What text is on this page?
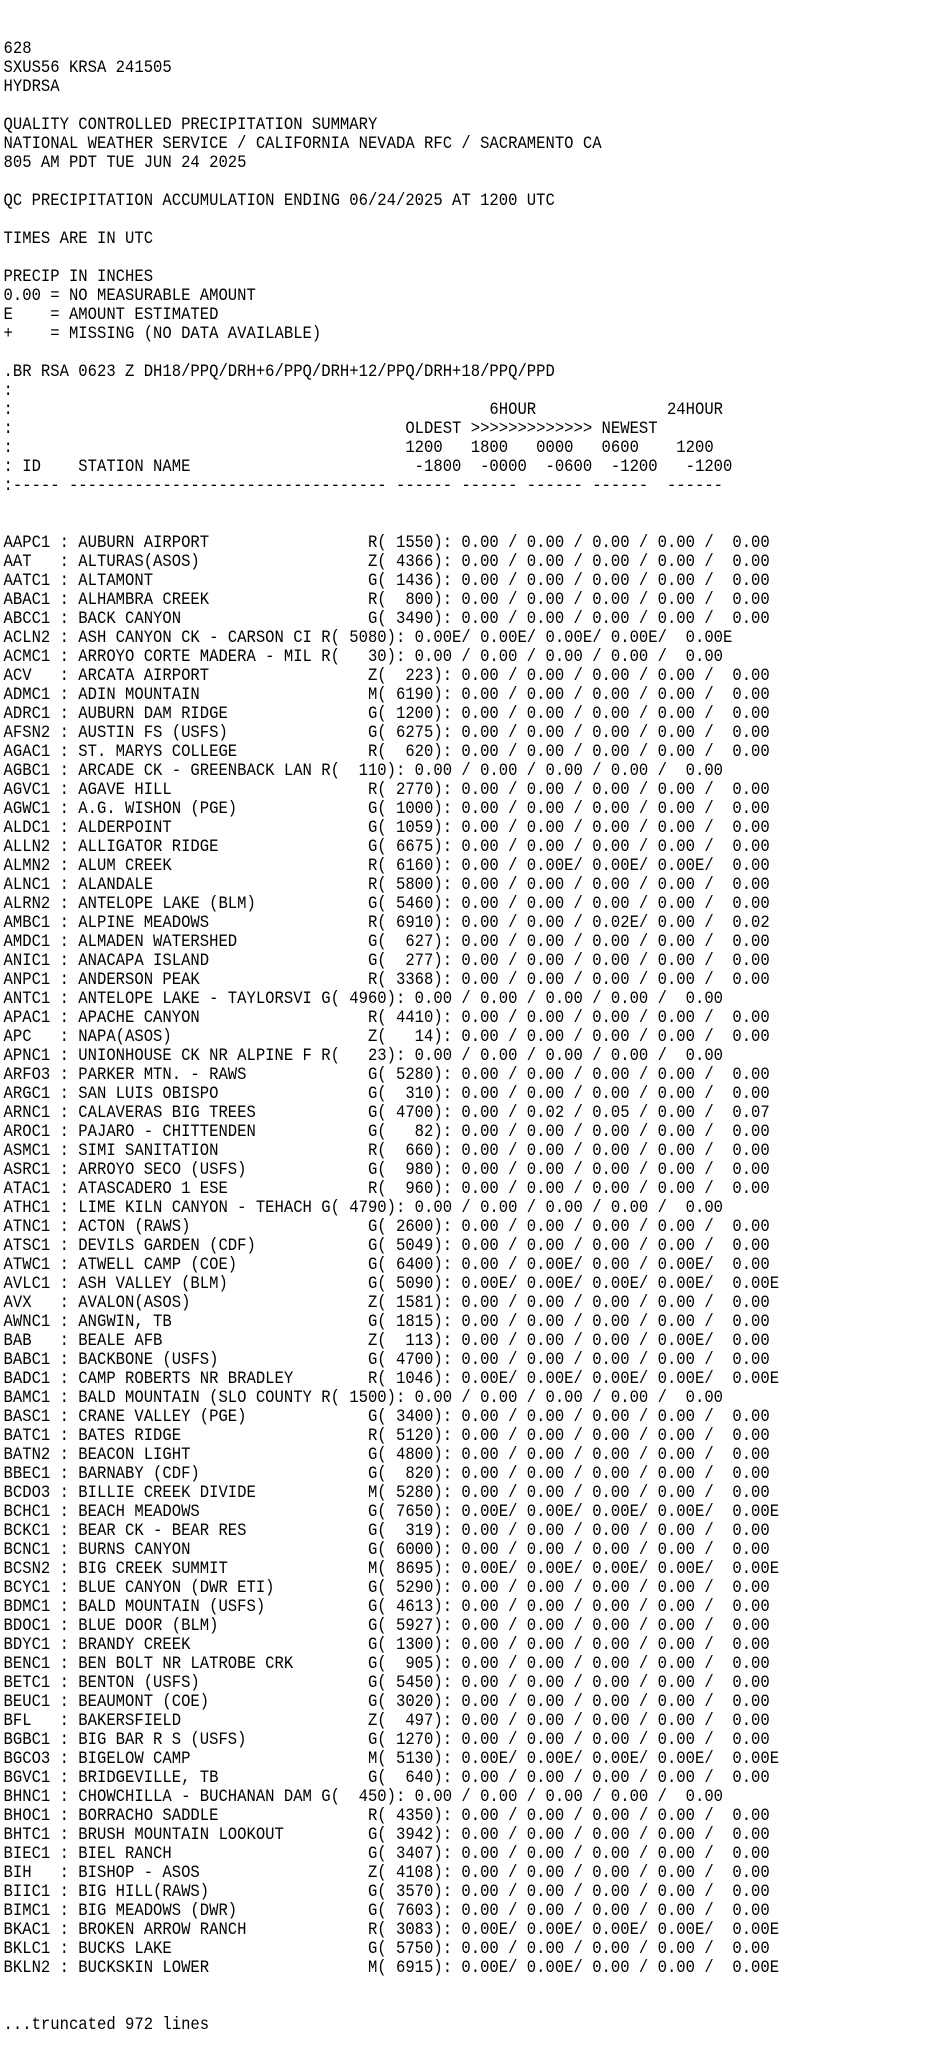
628
SXUS56 KRSA 241505
HYDRSA
QUALITY CONTROLLED PRECIPITATION SUMMARY
NATIONAL WEATHER SERVICE / CALIFORNIA NEVADA RFC / SACRAMENTO CA
805 AM PDT TUE JUN 24 2025
QC PRECIPITATION ACCUMULATION ENDING 06/24/2025 AT 1200 UTC
TIMES ARE IN UTC
PRECIP IN INCHES
0.00 = NO MEASURABLE AMOUNT
E    = AMOUNT ESTIMATED
+    = MISSING (NO DATA AVAILABLE)
.BR RSA 0623 Z DH18/PPQ/DRH+6/PPQ/DRH+12/PPQ/DRH+18/PPQ/PPD
:
:                                                   6HOUR              24HOUR
:                                          OLDEST >>>>>>>>>>>>> NEWEST
:                                          1200   1800   0000   0600    1200
: ID    STATION NAME                        -1800  -0000  -0600  -1200   -1200
:----- ---------------------------------- ------ ------ ------ ------  ------

AAPC1 : AUBURN AIRPORT                 R( 1550): 0.00 / 0.00 / 0.00 / 0.00 /  0.00
AAT   : ALTURAS(ASOS)                  Z( 4366): 0.00 / 0.00 / 0.00 / 0.00 /  0.00
AATC1 : ALTAMONT                       G( 1436): 0.00 / 0.00 / 0.00 / 0.00 /  0.00
ABAC1 : ALHAMBRA CREEK                 R(  800): 0.00 / 0.00 / 0.00 / 0.00 /  0.00
ABCC1 : BACK CANYON                    G( 3490): 0.00 / 0.00 / 0.00 / 0.00 /  0.00
ACLN2 : ASH CANYON CK - CARSON CI R( 5080): 0.00E/ 0.00E/ 0.00E/ 0.00E/  0.00E
ACMC1 : ARROYO CORTE MADERA - MIL R(   30): 0.00 / 0.00 / 0.00 / 0.00 /  0.00
ACV   : ARCATA AIRPORT                 Z(  223): 0.00 / 0.00 / 0.00 / 0.00 /  0.00
ADMC1 : ADIN MOUNTAIN                  M( 6190): 0.00 / 0.00 / 0.00 / 0.00 /  0.00
ADRC1 : AUBURN DAM RIDGE               G( 1200): 0.00 / 0.00 / 0.00 / 0.00 /  0.00
AFSN2 : AUSTIN FS (USFS)               G( 6275): 0.00 / 0.00 / 0.00 / 0.00 /  0.00
AGAC1 : ST. MARYS COLLEGE              R(  620): 0.00 / 0.00 / 0.00 / 0.00 /  0.00
AGBC1 : ARCADE CK - GREENBACK LAN R(  110): 0.00 / 0.00 / 0.00 / 0.00 /  0.00
AGVC1 : AGAVE HILL                     R( 2770): 0.00 / 0.00 / 0.00 / 0.00 /  0.00
AGWC1 : A.G. WISHON (PGE)              G( 1000): 0.00 / 0.00 / 0.00 / 0.00 /  0.00
ALDC1 : ALDERPOINT                     G( 1059): 0.00 / 0.00 / 0.00 / 0.00 /  0.00
ALLN2 : ALLIGATOR RIDGE                G( 6675): 0.00 / 0.00 / 0.00 / 0.00 /  0.00
ALMN2 : ALUM CREEK                     R( 6160): 0.00 / 0.00E/ 0.00E/ 0.00E/  0.00
ALNC1 : ALANDALE                       R( 5800): 0.00 / 0.00 / 0.00 / 0.00 /  0.00
ALRN2 : ANTELOPE LAKE (BLM)            G( 5460): 0.00 / 0.00 / 0.00 / 0.00 /  0.00
AMBC1 : ALPINE MEADOWS                 R( 6910): 0.00 / 0.00 / 0.02E/ 0.00 /  0.02
AMDC1 : ALMADEN WATERSHED              G(  627): 0.00 / 0.00 / 0.00 / 0.00 /  0.00
ANIC1 : ANACAPA ISLAND                 G(  277): 0.00 / 0.00 / 0.00 / 0.00 /  0.00
ANPC1 : ANDERSON PEAK                  R( 3368): 0.00 / 0.00 / 0.00 / 0.00 /  0.00
ANTC1 : ANTELOPE LAKE - TAYLORSVI G( 4960): 0.00 / 0.00 / 0.00 / 0.00 /  0.00
APAC1 : APACHE CANYON                  R( 4410): 0.00 / 0.00 / 0.00 / 0.00 /  0.00
APC   : NAPA(ASOS)                     Z(   14): 0.00 / 0.00 / 0.00 / 0.00 /  0.00
APNC1 : UNIONHOUSE CK NR ALPINE F R(   23): 0.00 / 0.00 / 0.00 / 0.00 /  0.00
ARFO3 : PARKER MTN. - RAWS             G( 5280): 0.00 / 0.00 / 0.00 / 0.00 /  0.00
ARGC1 : SAN LUIS OBISPO                G(  310): 0.00 / 0.00 / 0.00 / 0.00 /  0.00
ARNC1 : CALAVERAS BIG TREES            G( 4700): 0.00 / 0.02 / 0.05 / 0.00 /  0.07
AROC1 : PAJARO - CHITTENDEN            G(   82): 0.00 / 0.00 / 0.00 / 0.00 /  0.00
ASMC1 : SIMI SANITATION                R(  660): 0.00 / 0.00 / 0.00 / 0.00 /  0.00
ASRC1 : ARROYO SECO (USFS)             G(  980): 0.00 / 0.00 / 0.00 / 0.00 /  0.00
ATAC1 : ATASCADERO 1 ESE               R(  960): 0.00 / 0.00 / 0.00 / 0.00 /  0.00
ATHC1 : LIME KILN CANYON - TEHACH G( 4790): 0.00 / 0.00 / 0.00 / 0.00 /  0.00
ATNC1 : ACTON (RAWS)                   G( 2600): 0.00 / 0.00 / 0.00 / 0.00 /  0.00
ATSC1 : DEVILS GARDEN (CDF)            G( 5049): 0.00 / 0.00 / 0.00 / 0.00 /  0.00
ATWC1 : ATWELL CAMP (COE)              G( 6400): 0.00 / 0.00E/ 0.00 / 0.00E/  0.00
AVLC1 : ASH VALLEY (BLM)               G( 5090): 0.00E/ 0.00E/ 0.00E/ 0.00E/  0.00E
AVX   : AVALON(ASOS)                   Z( 1581): 0.00 / 0.00 / 0.00 / 0.00 /  0.00
AWNC1 : ANGWIN, TB                     G( 1815): 0.00 / 0.00 / 0.00 / 0.00 /  0.00
BAB   : BEALE AFB                      Z(  113): 0.00 / 0.00 / 0.00 / 0.00E/  0.00
BABC1 : BACKBONE (USFS)                G( 4700): 0.00 / 0.00 / 0.00 / 0.00 /  0.00
BADC1 : CAMP ROBERTS NR BRADLEY        R( 1046): 0.00E/ 0.00E/ 0.00E/ 0.00E/  0.00E
BAMC1 : BALD MOUNTAIN (SLO COUNTY R( 1500): 0.00 / 0.00 / 0.00 / 0.00 /  0.00
BASC1 : CRANE VALLEY (PGE)             G( 3400): 0.00 / 0.00 / 0.00 / 0.00 /  0.00
BATC1 : BATES RIDGE                    R( 5120): 0.00 / 0.00 / 0.00 / 0.00 /  0.00
BATN2 : BEACON LIGHT                   G( 4800): 0.00 / 0.00 / 0.00 / 0.00 /  0.00
BBEC1 : BARNABY (CDF)                  G(  820): 0.00 / 0.00 / 0.00 / 0.00 /  0.00
BCDO3 : BILLIE CREEK DIVIDE            M( 5280): 0.00 / 0.00 / 0.00 / 0.00 /  0.00
BCHC1 : BEACH MEADOWS                  G( 7650): 0.00E/ 0.00E/ 0.00E/ 0.00E/  0.00E
BCKC1 : BEAR CK - BEAR RES             G(  319): 0.00 / 0.00 / 0.00 / 0.00 /  0.00
BCNC1 : BURNS CANYON                   G( 6000): 0.00 / 0.00 / 0.00 / 0.00 /  0.00
BCSN2 : BIG CREEK SUMMIT               M( 8695): 0.00E/ 0.00E/ 0.00E/ 0.00E/  0.00E
BCYC1 : BLUE CANYON (DWR ETI)          G( 5290): 0.00 / 0.00 / 0.00 / 0.00 /  0.00
BDMC1 : BALD MOUNTAIN (USFS)           G( 4613): 0.00 / 0.00 / 0.00 / 0.00 /  0.00
BDOC1 : BLUE DOOR (BLM)                G( 5927): 0.00 / 0.00 / 0.00 / 0.00 /  0.00
BDYC1 : BRANDY CREEK                   G( 1300): 0.00 / 0.00 / 0.00 / 0.00 /  0.00
BENC1 : BEN BOLT NR LATROBE CRK        G(  905): 0.00 / 0.00 / 0.00 / 0.00 /  0.00
BETC1 : BENTON (USFS)                  G( 5450): 0.00 / 0.00 / 0.00 / 0.00 /  0.00
BEUC1 : BEAUMONT (COE)                 G( 3020): 0.00 / 0.00 / 0.00 / 0.00 /  0.00
BFL   : BAKERSFIELD                    Z(  497): 0.00 / 0.00 / 0.00 / 0.00 /  0.00
BGBC1 : BIG BAR R S (USFS)             G( 1270): 0.00 / 0.00 / 0.00 / 0.00 /  0.00
BGCO3 : BIGELOW CAMP                   M( 5130): 0.00E/ 0.00E/ 0.00E/ 0.00E/  0.00E
BGVC1 : BRIDGEVILLE, TB                G(  640): 0.00 / 0.00 / 0.00 / 0.00 /  0.00
BHNC1 : CHOWCHILLA - BUCHANAN DAM G(  450): 0.00 / 0.00 / 0.00 / 0.00 /  0.00
BHOC1 : BORRACHO SADDLE                R( 4350): 0.00 / 0.00 / 0.00 / 0.00 /  0.00
BHTC1 : BRUSH MOUNTAIN LOOKOUT         G( 3942): 0.00 / 0.00 / 0.00 / 0.00 /  0.00
BIEC1 : BIEL RANCH                     G( 3407): 0.00 / 0.00 / 0.00 / 0.00 /  0.00
BIH   : BISHOP - ASOS                  Z( 4108): 0.00 / 0.00 / 0.00 / 0.00 /  0.00
BIIC1 : BIG HILL(RAWS)                 G( 3570): 0.00 / 0.00 / 0.00 / 0.00 /  0.00
BIMC1 : BIG MEADOWS (DWR)              G( 7603): 0.00 / 0.00 / 0.00 / 0.00 /  0.00
BKAC1 : BROKEN ARROW RANCH             R( 3083): 0.00E/ 0.00E/ 0.00E/ 0.00E/  0.00E
BKLC1 : BUCKS LAKE                     G( 5750): 0.00 / 0.00 / 0.00 / 0.00 /  0.00
BKLN2 : BUCKSKIN LOWER                 M( 6915): 0.00E/ 0.00E/ 0.00 / 0.00 /  0.00E

...truncated 972 lines
